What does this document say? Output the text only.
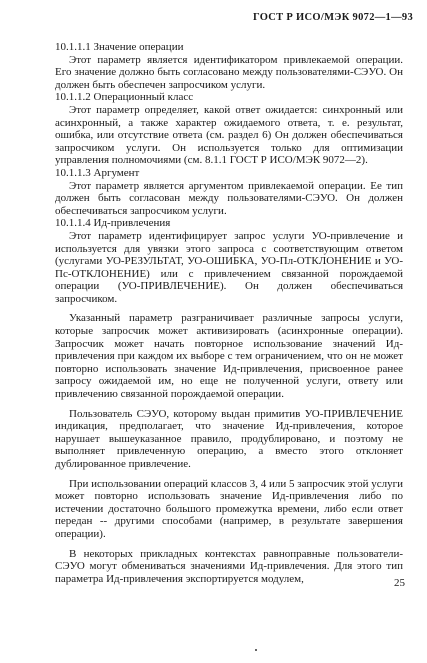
ГОСТ Р ИСО/МЭК 9072—1—93

10.1.1.1 Значение операции

Этот параметр является идентификатором привлекаемой операции. Его значение должно быть согласовано между пользователями-СЭУО. Он должен быть обеспечен запросчиком услуги.

10.1.1.2 Операционный класс

Этот параметр определяет, какой ответ ожидается: синхронный или асинхронный, а также характер ожидаемого ответа, т. е. результат, ошибка, или отсутствие ответа (см. раздел 6) Он должен обеспечиваться запросчиком услуги. Он используется только для оптимизации управления полномочиями (см. 8.1.1 ГОСТ Р ИСО/МЭК 9072—2).

10.1.1.3 Аргумент

Этот параметр является аргументом привлекаемой операции. Ее тип должен быть согласован между пользователями-СЭУО. Он должен обеспечиваться запросчиком услуги.

10.1.1.4 Ид-привлечения

Этот параметр идентифицирует запрос услуги УО-привлечение и используется для увязки этого запроса с соответствующим ответом (услугами УО-РЕЗУЛЬТАТ, УО-ОШИБКА, УО-Пл-ОТКЛОНЕНИЕ и УО-Пс-ОТКЛОНЕНИЕ) или с привлечением связанной порождаемой операции (УО-ПРИВЛЕЧЕНИЕ). Он должен обеспечиваться запросчиком.

Указанный параметр разграничивает различные запросы услуги, которые запросчик может активизировать (асинхронные операции). Запросчик может начать повторное использование значений Ид-привлечения при каждом их выборе с тем ограничением, что он не может повторно использовать значение Ид-привлечения, присвоенное ранее запросу ожидаемой им, но еще не полученной услуги, ответу или привлечению связанной порождаемой операции.

Пользователь СЭУО, которому выдан примитив УО-ПРИВЛЕЧЕНИЕ индикация, предполагает, что значение Ид-привлечения, которое нарушает вышеуказанное правило, продублировано, и поэтому не выполняет привлеченную операцию, а вместо этого отклоняет дублированное привлечение.

При использовании операций классов 3, 4 или 5 запросчик этой услуги может повторно использовать значение Ид-привлечения либо по истечении достаточно большого промежутка времени, либо если ответ передан -- другими способами (например, в результате завершения операции).

В некоторых прикладных контекстах равноправные пользователи-СЭУО могут обмениваться значениями Ид-привлечения. Для этого тип параметра Ид-привлечения экспортируется модулем,	25
